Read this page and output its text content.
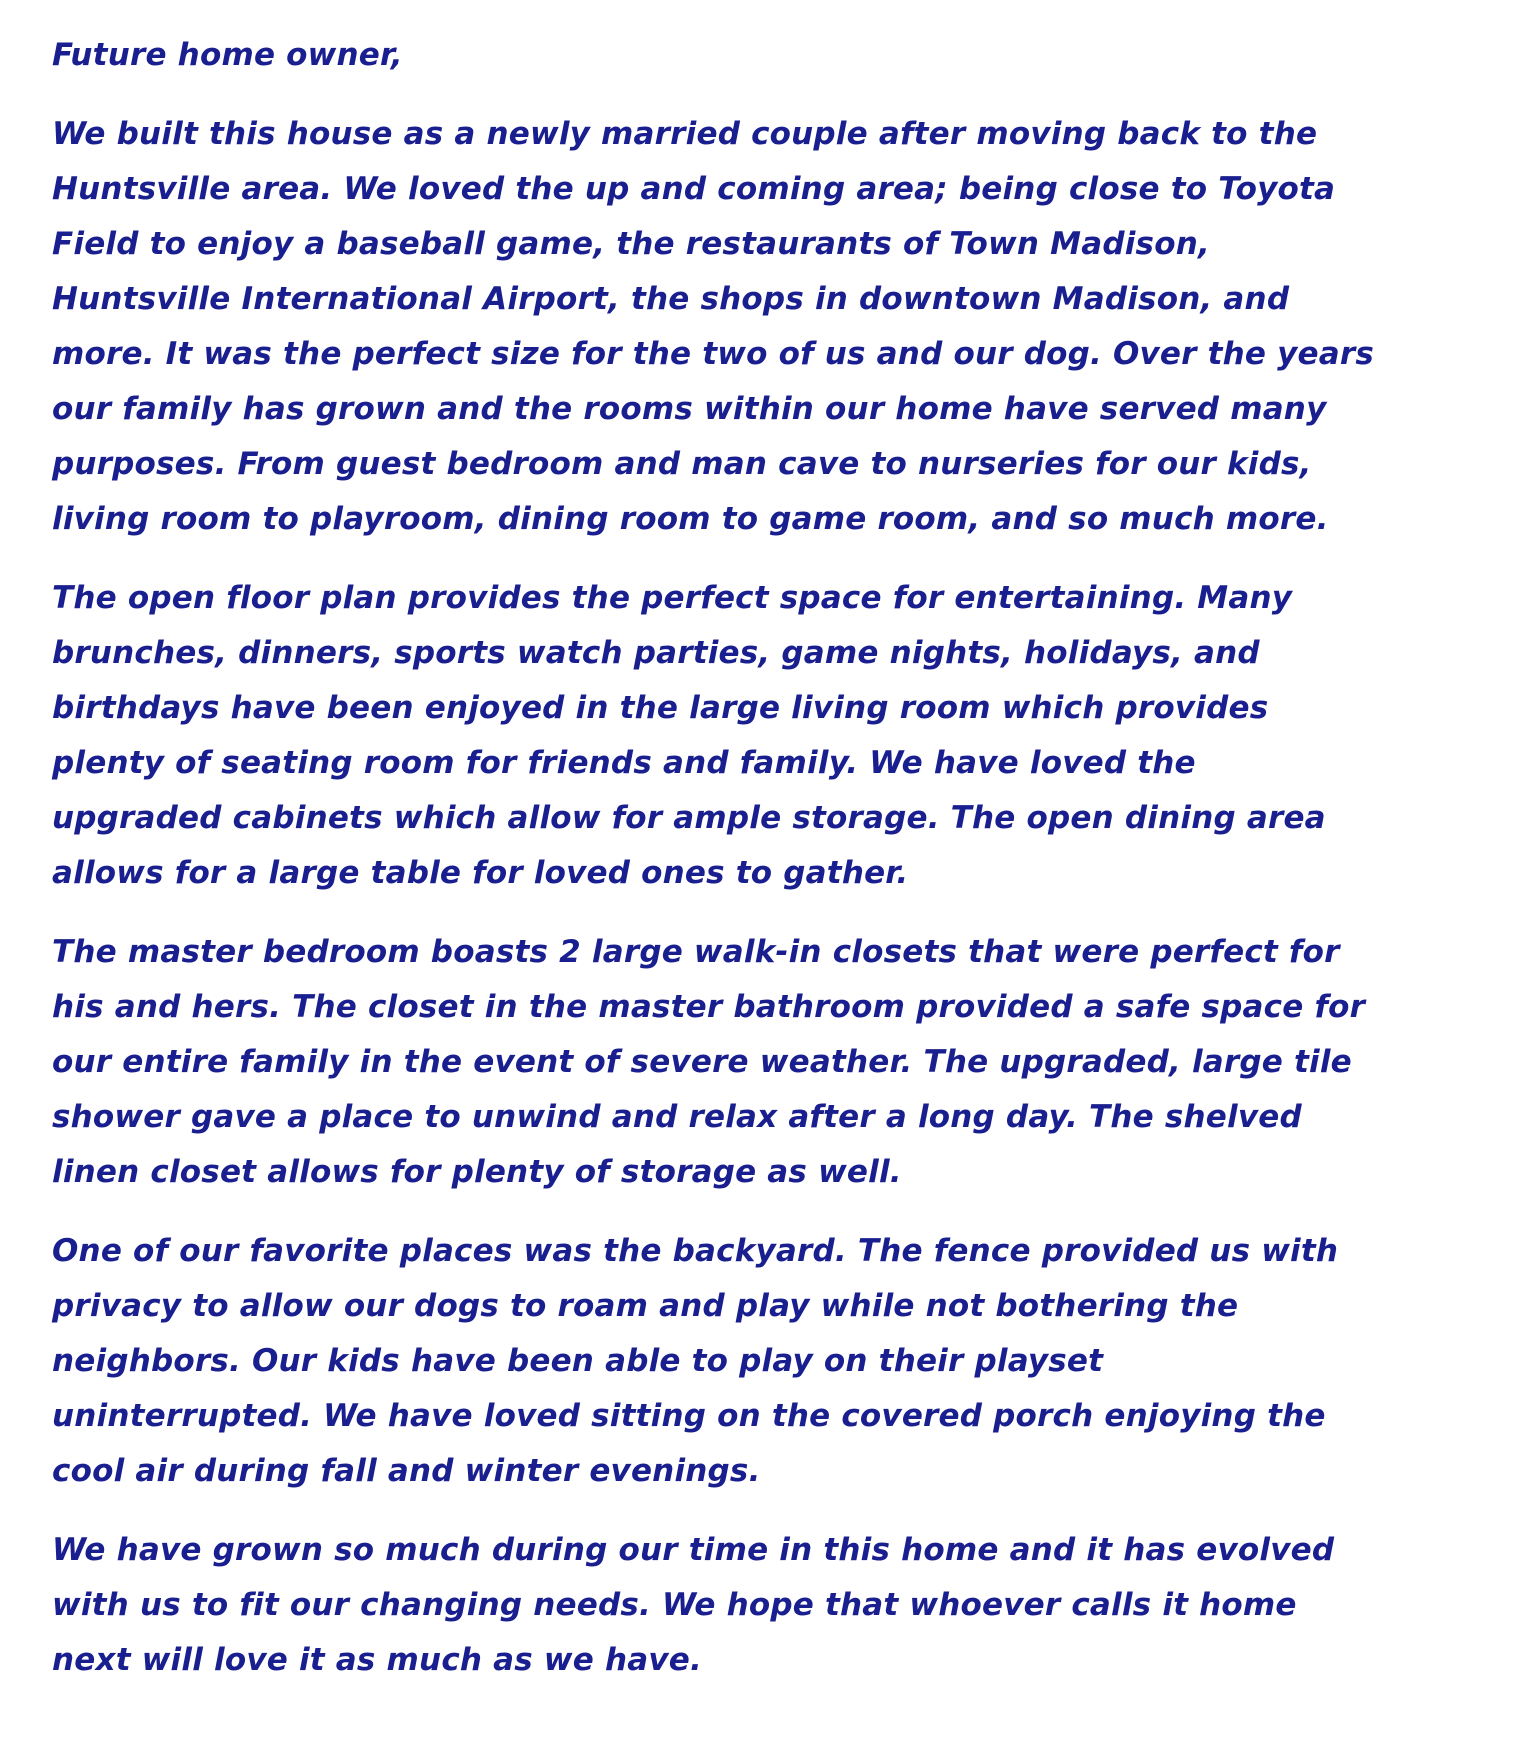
Future home owner,
We built this house as a newly married couple after moving back to the
Huntsville area. We loved the up and coming area; being close to Toyota
Field to enjoy a baseball game, the restaurants of Town Madison,
Huntsville International Airport, the shops in downtown Madison, and
more. It was the perfect size for the two of us and our dog. Over the years
our family has grown and the rooms within our home have served many
purposes. From guest bedroom and man cave to nurseries for our kids,
living room to playroom, dining room to game room, and so much more.
The open floor plan provides the perfect space for entertaining. Many
brunches, dinners, sports watch parties, game nights, holidays, and
birthdays have been enjoyed in the large living room which provides
plenty of seating room for friends and family. We have loved the
upgraded cabinets which allow for ample storage. The open dining area
allows for a large table for loved ones to gather.
The master bedroom boasts 2 large walk-in closets that were perfect for
his and hers. The closet in the master bathroom provided a safe space for
our entire family in the event of severe weather. The upgraded, large tile
shower gave a place to unwind and relax after a long day. The shelved
linen closet allows for plenty of storage as well.
One of our favorite places was the backyard. The fence provided us with
privacy to allow our dogs to roam and play while not bothering the
neighbors. Our kids have been able to play on their playset
uninterrupted. We have loved sitting on the covered porch enjoying the
cool air during fall and winter evenings.
We have grown so much during our time in this home and it has evolved
with us to fit our changing needs. We hope that whoever calls it home
next will love it as much as we have.
